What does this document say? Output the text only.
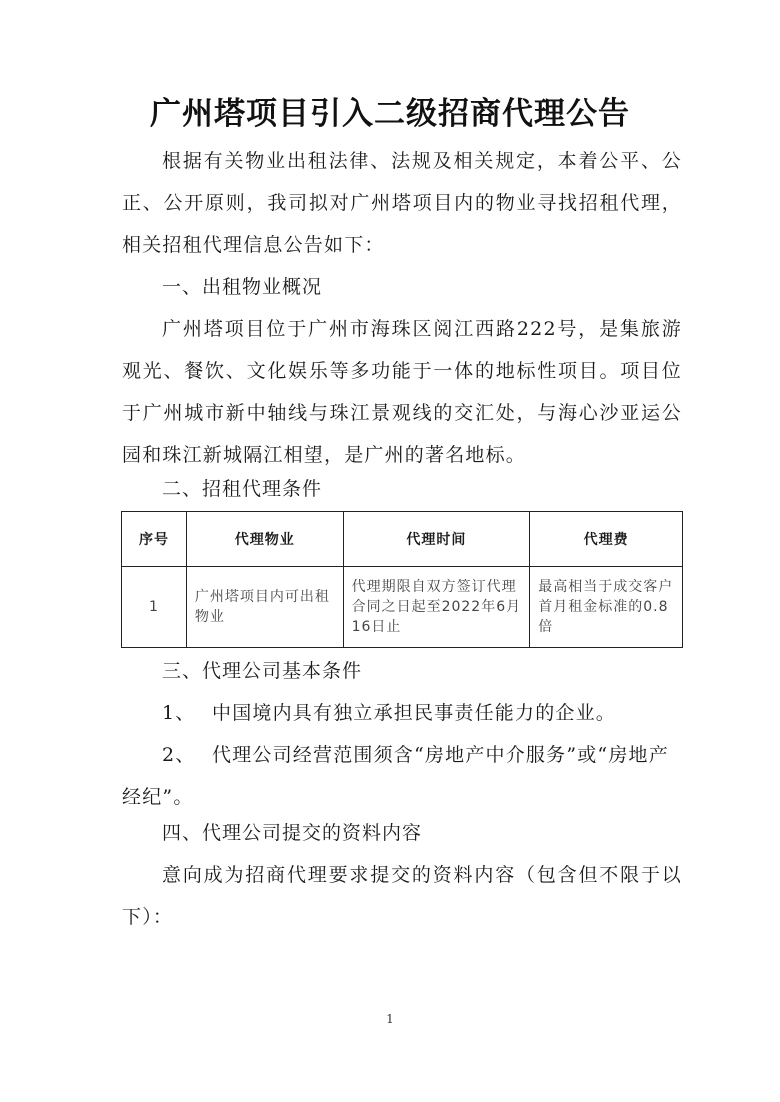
广州塔项目引入二级招商代理公告
根据有关物业出租法律、法规及相关规定，本着公平、公正、公开原则，我司拟对广州塔项目内的物业寻找招租代理，相关招租代理信息公告如下：
一、出租物业概况
广州塔项目位于广州市海珠区阅江西路222号，是集旅游观光、餐饮、文化娱乐等多功能于一体的地标性项目。项目位于广州城市新中轴线与珠江景观线的交汇处，与海心沙亚运公园和珠江新城隔江相望，是广州的著名地标。
二、招租代理条件
序号	代理物业	代理时间	代理费
1	广州塔项目内可出租物业	代理期限自双方签订代理合同之日起至2022年6月16日止	最高相当于成交客户首月租金标准的0.8倍
三、代理公司基本条件
1、 中国境内具有独立承担民事责任能力的企业。
2、 代理公司经营范围须含“房地产中介服务”或“房地产经纪”。
四、代理公司提交的资料内容
意向成为招商代理要求提交的资料内容（包含但不限于以下）：
1
